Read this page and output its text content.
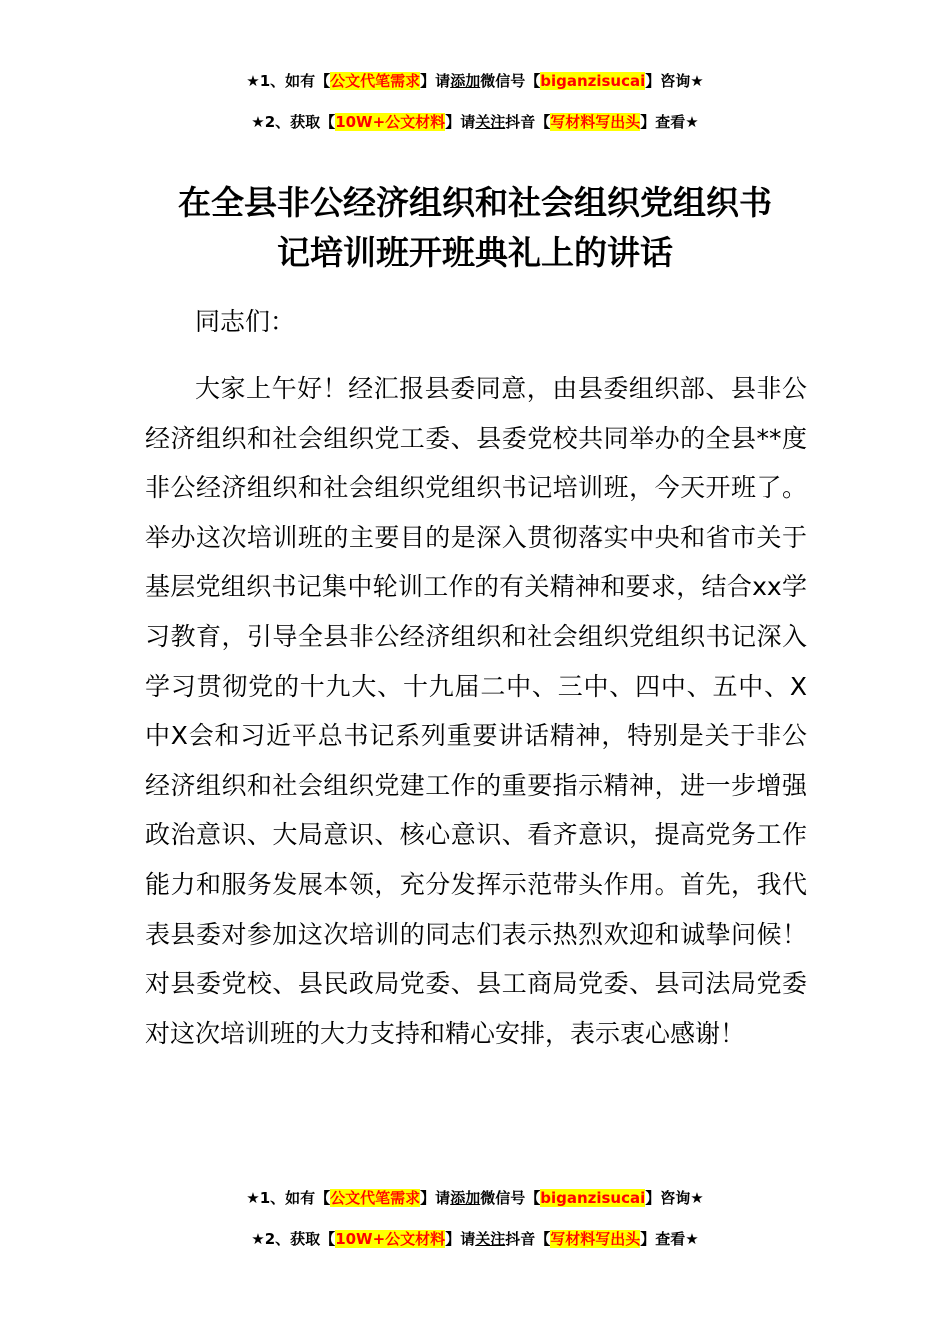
★1、如有【公文代笔需求】请添加微信号【biganzisucai】咨询★
★2、获取【10W+公文材料】请关注抖音【写材料写出头】查看★
在全县非公经济组织和社会组织党组织书
记培训班开班典礼上的讲话
同志们：

大家上午好！经汇报县委同意，由县委组织部、县非公经济组织和社会组织党工委、县委党校共同举办的全县**度非公经济组织和社会组织党组织书记培训班，今天开班了。举办这次培训班的主要目的是深入贯彻落实中央和省市关于基层党组织书记集中轮训工作的有关精神和要求，结合xx学习教育，引导全县非公经济组织和社会组织党组织书记深入学习贯彻党的十九大、十九届二中、三中、四中、五中、X中X会和习近平总书记系列重要讲话精神，特别是关于非公经济组织和社会组织党建工作的重要指示精神，进一步增强政治意识、大局意识、核心意识、看齐意识，提高党务工作能力和服务发展本领，充分发挥示范带头作用。首先，我代表县委对参加这次培训的同志们表示热烈欢迎和诚挚问候！对县委党校、县民政局党委、县工商局党委、县司法局党委对这次培训班的大力支持和精心安排，表示衷心感谢！

★1、如有【公文代笔需求】请添加微信号【biganzisucai】咨询★
★2、获取【10W+公文材料】请关注抖音【写材料写出头】查看★
